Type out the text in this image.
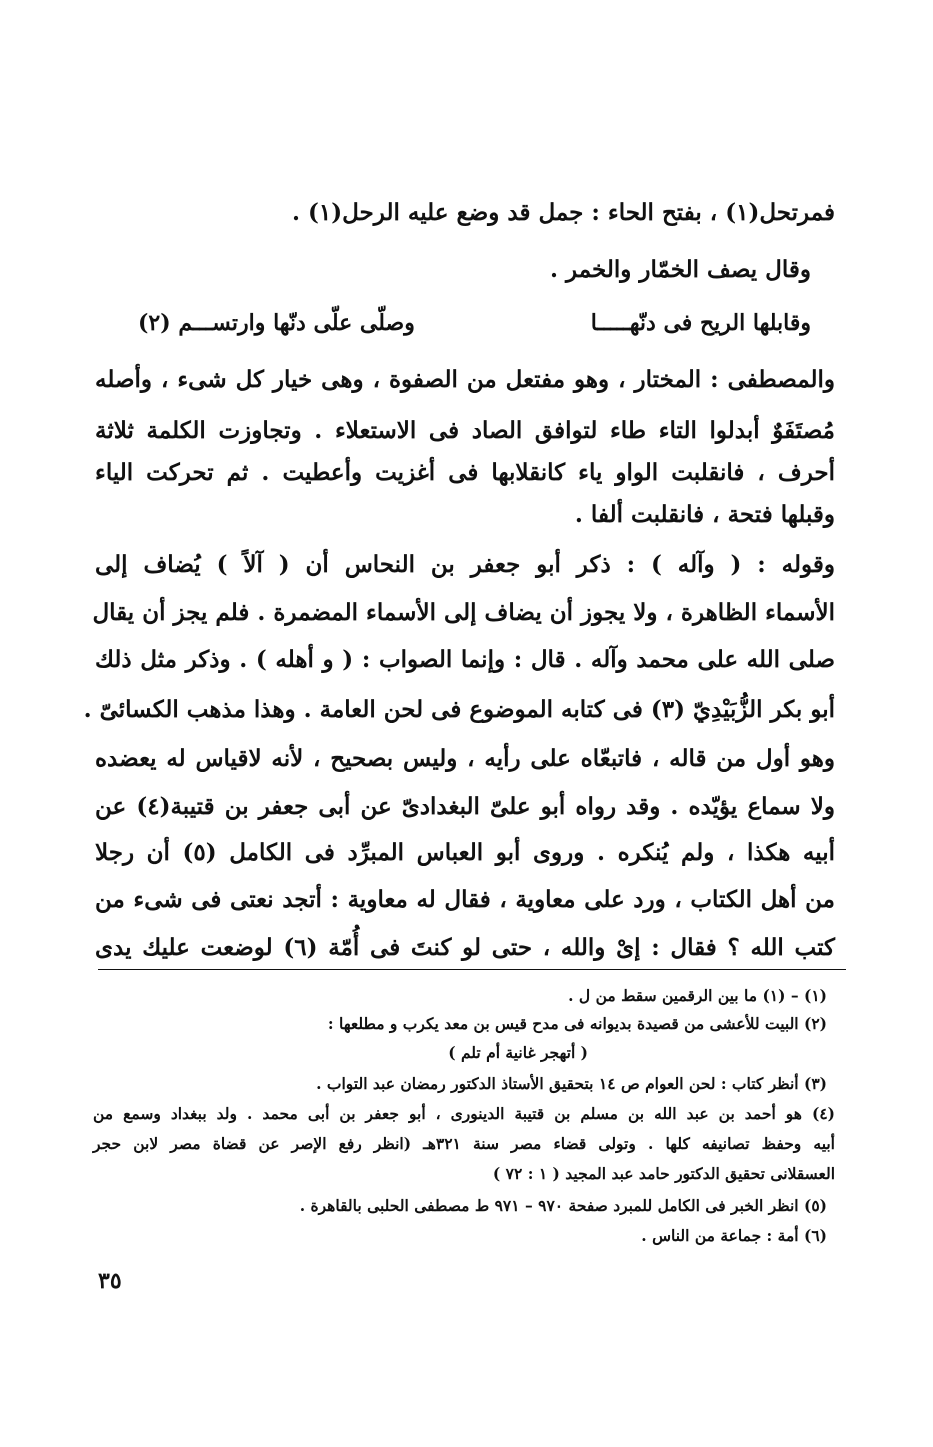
فمرتحل(١) ، بفتح الحاء : جمل قد وضع عليه الرحل(١) .
وقال يصف الخمّار والخمر .
وقابلها الريح فى دنّهـــــا
وصلّى علّى دنّها وارتســـم (٢)
والمصطفى : المختار ، وهو مفتعل من الصفوة ، وهى خيار كل شىء ، وأصله
مُصتَفَوٌ أبدلوا التاء طاء لتوافق الصاد فى الاستعلاء . وتجاوزت الكلمة ثلاثة
أحرف ، فانقلبت الواو ياء كانقلابها فى أغزيت وأعطيت . ثم تحركت الياء
وقبلها فتحة ، فانقلبت ألفا .
وقوله : ( وآله ) : ذكر أبو جعفر بن النحاس أن ( آلاً ) يُضاف إلى
الأسماء الظاهرة ، ولا يجوز أن يضاف إلى الأسماء المضمرة . فلم يجز أن يقال
صلى الله على محمد وآله . قال : وإنما الصواب : ( و أهله ) . وذكر مثل ذلك
أبو بكر الزُّبَيْدِيّ (٣) فى كتابه الموضوع فى لحن العامة . وهذا مذهب الكسائىّ .
وهو أول من قاله ، فاتبعّاه على رأيه ، وليس بصحيح ، لأنه لاقياس له يعضده
ولا سماع يؤيّده . وقد رواه أبو علىّ البغدادىّ عن أبى جعفر بن قتيبة(٤) عن
أبيه هكذا ، ولم يُنكره . وروى أبو العباس المبرِّد فى الكامل (٥) أن رجلا
من أهل الكتاب ، ورد على معاوية ، فقال له معاوية : أتجد نعتى فى شىء من
كتب الله ؟ فقال : إىْ والله ، حتى لو كنتَ فى أُمّة (٦) لوضعت عليك يدى
(١) – (١) ما بين الرقمين سقط من ل .
(٢) البيت للأعشى من قصيدة بديوانه فى مدح قيس بن معد يكرب و مطلعها :
( أتهجر غانية أم تلم )
(٣) أنظر كتاب : لحن العوام ص ١٤ بتحقيق الأستاذ الدكتور رمضان عبد التواب .
(٤) هو أحمد بن عبد الله بن مسلم بن قتيبة الدينورى ، أبو جعفر بن أبى محمد . ولد ببغداد وسمع من
أبيه وحفظ تصانيفه كلها . وتولى قضاء مصر سنة ٣٢١هـ (انظر رفع الإصر عن قضاة مصر لابن حجر
العسقلانى تحقيق الدكتور حامد عبد المجيد ( ١ : ٧٢ )
(٥) انظر الخبر فى الكامل للمبرد صفحة ٩٧٠ – ٩٧١ ط مصطفى الحلبى بالقاهرة .
(٦) أمة : جماعة من الناس .
٣٥
